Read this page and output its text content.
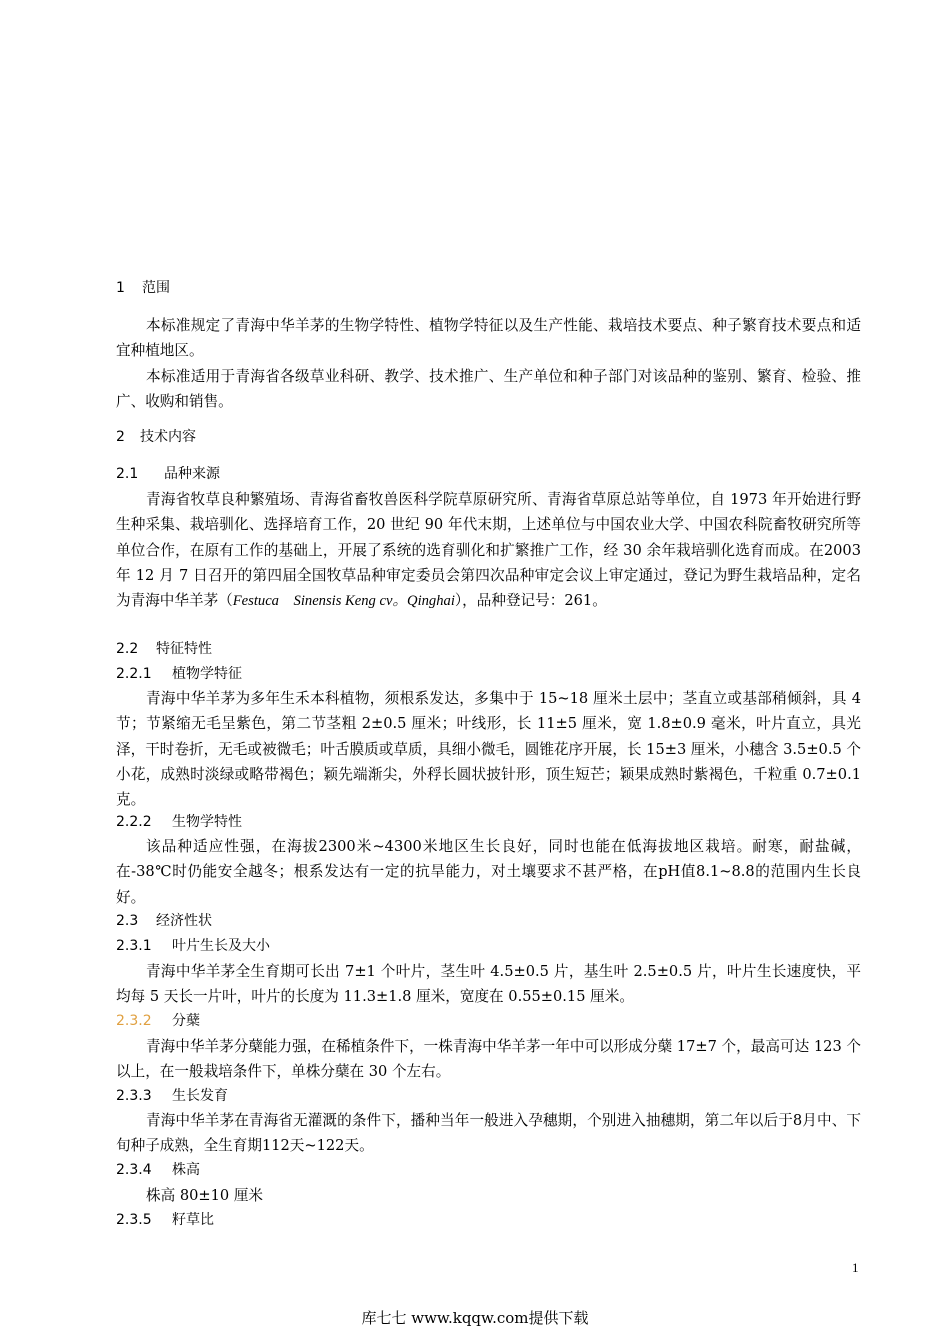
1 范围
本标准规定了青海中华羊茅的生物学特性、植物学特征以及生产性能、栽培技术要点、种子繁育技术要点和适宜种植地区。
本标准适用于青海省各级草业科研、教学、技术推广、生产单位和种子部门对该品种的鉴别、繁育、检验、推广、收购和销售。
2 技术内容
2.1 品种来源
青海省牧草良种繁殖场、青海省畜牧兽医科学院草原研究所、青海省草原总站等单位，自 1973 年开始进行野生种采集、栽培驯化、选择培育工作，20 世纪 90 年代末期，上述单位与中国农业大学、中国农科院畜牧研究所等单位合作，在原有工作的基础上，开展了系统的选育驯化和扩繁推广工作，经 30 余年栽培驯化选育而成。在2003 年 12 月 7 日召开的第四届全国牧草品种审定委员会第四次品种审定会议上审定通过，登记为野生栽培品种，定名为青海中华羊茅（Festuca　Sinensis Keng cv。Qinghai），品种登记号：261。
2.2 特征特性
2.2.1 植物学特征
青海中华羊茅为多年生禾本科植物，须根系发达，多集中于 15~18 厘米土层中；茎直立或基部稍倾斜，具 4 节；节紧缩无毛呈紫色，第二节茎粗 2±0.5 厘米；叶线形，长 11±5 厘米，宽 1.8±0.9 毫米，叶片直立，具光泽，干时卷折，无毛或被微毛；叶舌膜质或草质，具细小微毛，圆锥花序开展，长 15±3 厘米，小穗含 3.5±0.5 个小花，成熟时淡绿或略带褐色；颖先端渐尖，外稃长圆状披针形，顶生短芒；颖果成熟时紫褐色，千粒重 0.7±0.1 克。
2.2.2 生物学特性
该品种适应性强，在海拔2300米~4300米地区生长良好，同时也能在低海拔地区栽培。耐寒，耐盐碱，在-38℃时仍能安全越冬；根系发达有一定的抗旱能力，对土壤要求不甚严格，在pH值8.1~8.8的范围内生长良好。
2.3 经济性状
2.3.1 叶片生长及大小
青海中华羊茅全生育期可长出 7±1 个叶片，茎生叶 4.5±0.5 片，基生叶 2.5±0.5 片，叶片生长速度快，平均每 5 天长一片叶，叶片的长度为 11.3±1.8 厘米，宽度在 0.55±0.15 厘米。
2.3.2 分蘖
青海中华羊茅分蘖能力强，在稀植条件下，一株青海中华羊茅一年中可以形成分蘖 17±7 个，最高可达 123 个以上，在一般栽培条件下，单株分蘖在 30 个左右。
2.3.3 生长发育
青海中华羊茅在青海省无灌溉的条件下，播种当年一般进入孕穗期，个别进入抽穗期，第二年以后于8月中、下旬种子成熟，全生育期112天~122天。
2.3.4 株高
株高 80±10 厘米
2.3.5 籽草比
1
库七七 www.kqqw.com提供下载
